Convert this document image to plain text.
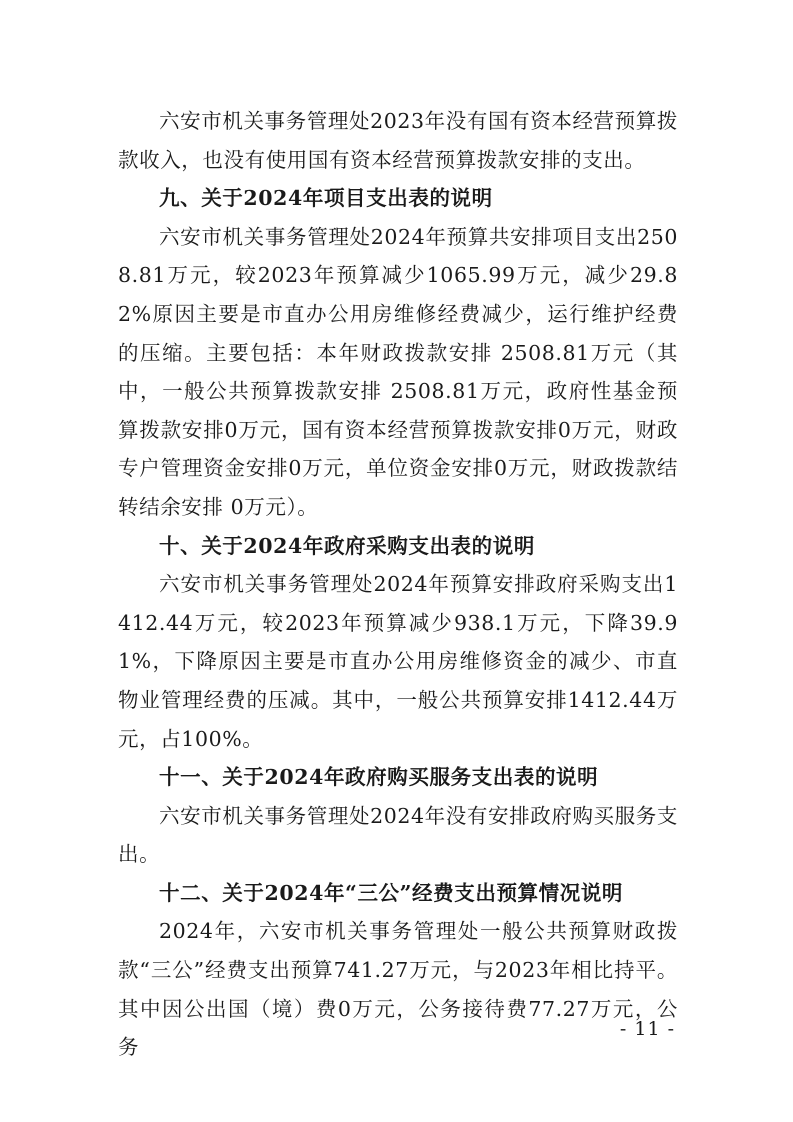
六安市机关事务管理处2023年没有国有资本经营预算拨款收入，也没有使用国有资本经营预算拨款安排的支出。

九、关于2024年项目支出表的说明

六安市机关事务管理处2024年预算共安排项目支出2508.81万元，较2023年预算减少1065.99万元，减少29.82%原因主要是市直办公用房维修经费减少，运行维护经费的压缩。主要包括：本年财政拨款安排 2508.81万元（其中，一般公共预算拨款安排 2508.81万元，政府性基金预算拨款安排0万元，国有资本经营预算拨款安排0万元，财政专户管理资金安排0万元，单位资金安排0万元，财政拨款结转结余安排 0万元）。

十、关于2024年政府采购支出表的说明

六安市机关事务管理处2024年预算安排政府采购支出1412.44万元，较2023年预算减少938.1万元，下降39.91%，下降原因主要是市直办公用房维修资金的减少、市直物业管理经费的压减。其中，一般公共预算安排1412.44万元，占100%。

十一、关于2024年政府购买服务支出表的说明

六安市机关事务管理处2024年没有安排政府购买服务支出。

十二、关于2024年“三公”经费支出预算情况说明

2024年，六安市机关事务管理处一般公共预算财政拨款“三公”经费支出预算741.27万元，与2023年相比持平。其中因公出国（境）费0万元，公务接待费77.27万元，公务

- 11 -
